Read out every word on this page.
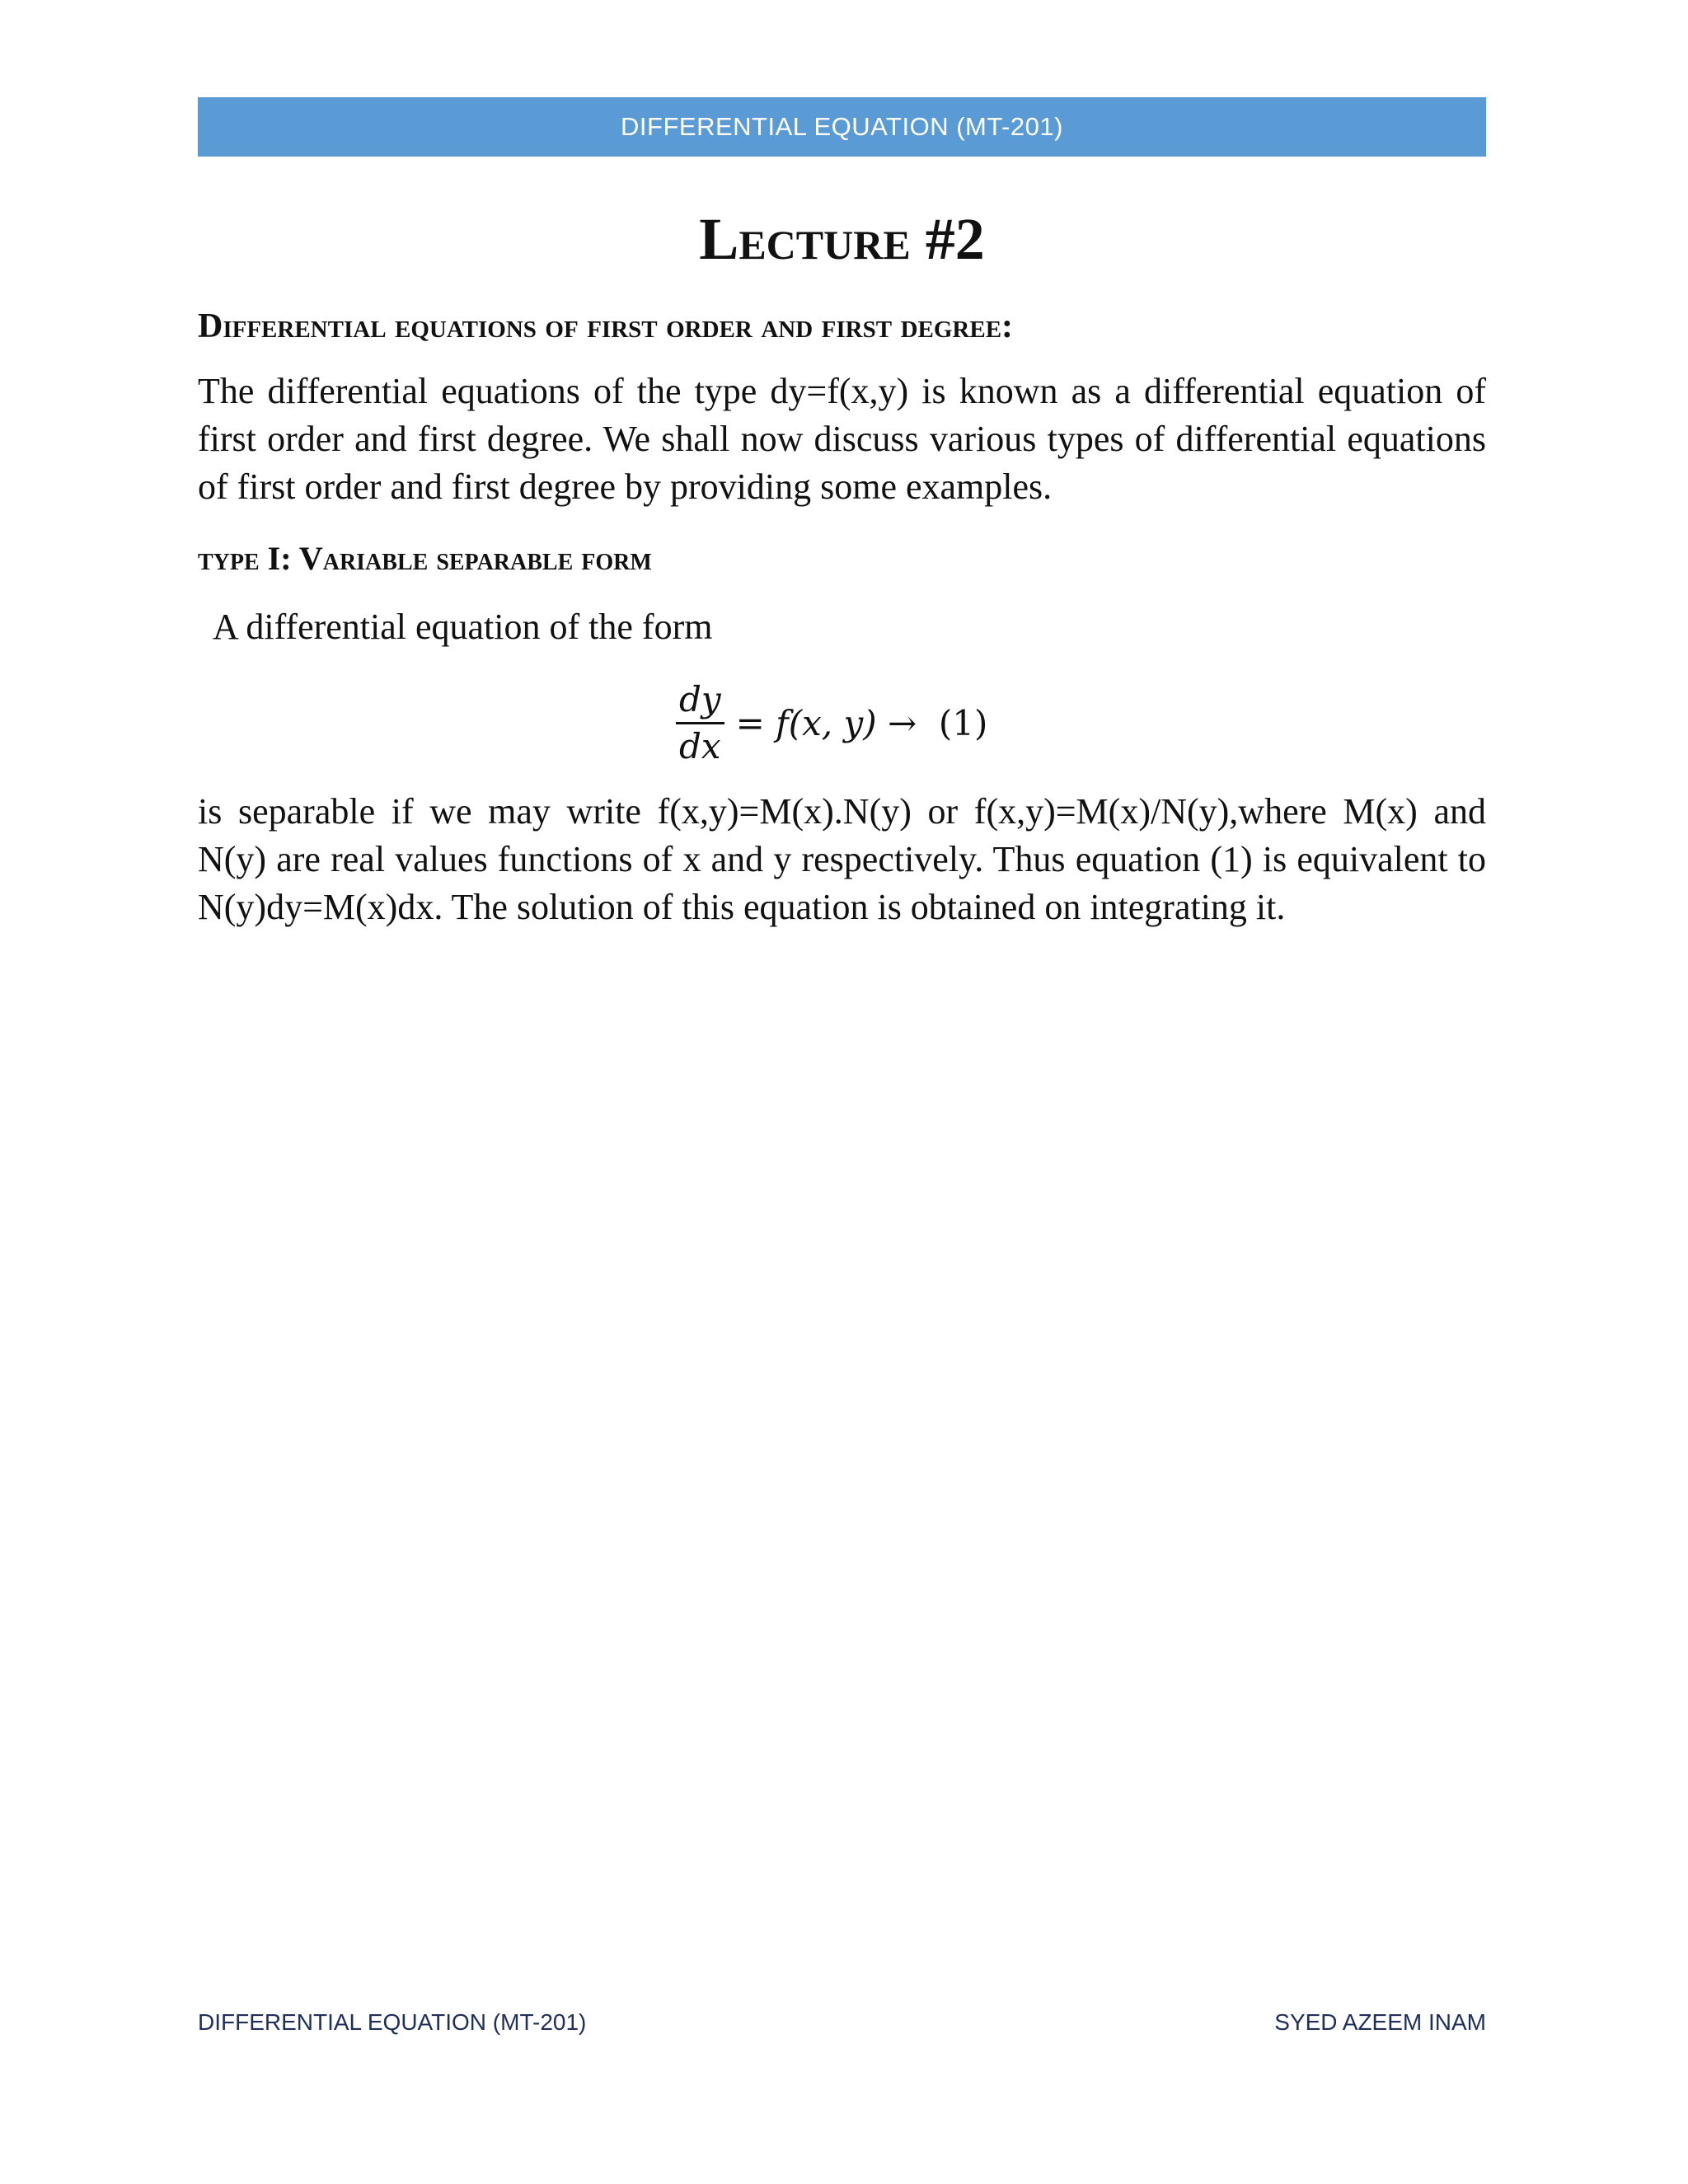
DIFFERENTIAL EQUATION (MT-201)
Lecture #2
Differential equations of first order and first degree:
The differential equations of the type dy=f(x,y) is known as a differential equation of first order and first degree. We shall now discuss various types of differential equations of first order and first degree by providing some examples.
type I: Variable separable form
A differential equation of the form
$\frac{dy}{dx} = f(x$, y) →  (1)
is separable if we may write f(x,y)=M(x).N(y) or f(x,y)=M(x)/N(y),where M(x) and N(y) are real values functions of x and y respectively. Thus equation (1) is equivalent to N(y)dy=M(x)dx. The solution of this equation is obtained on integrating it.
DIFFERENTIAL EQUATION (MT-201)	SYED AZEEM INAM
